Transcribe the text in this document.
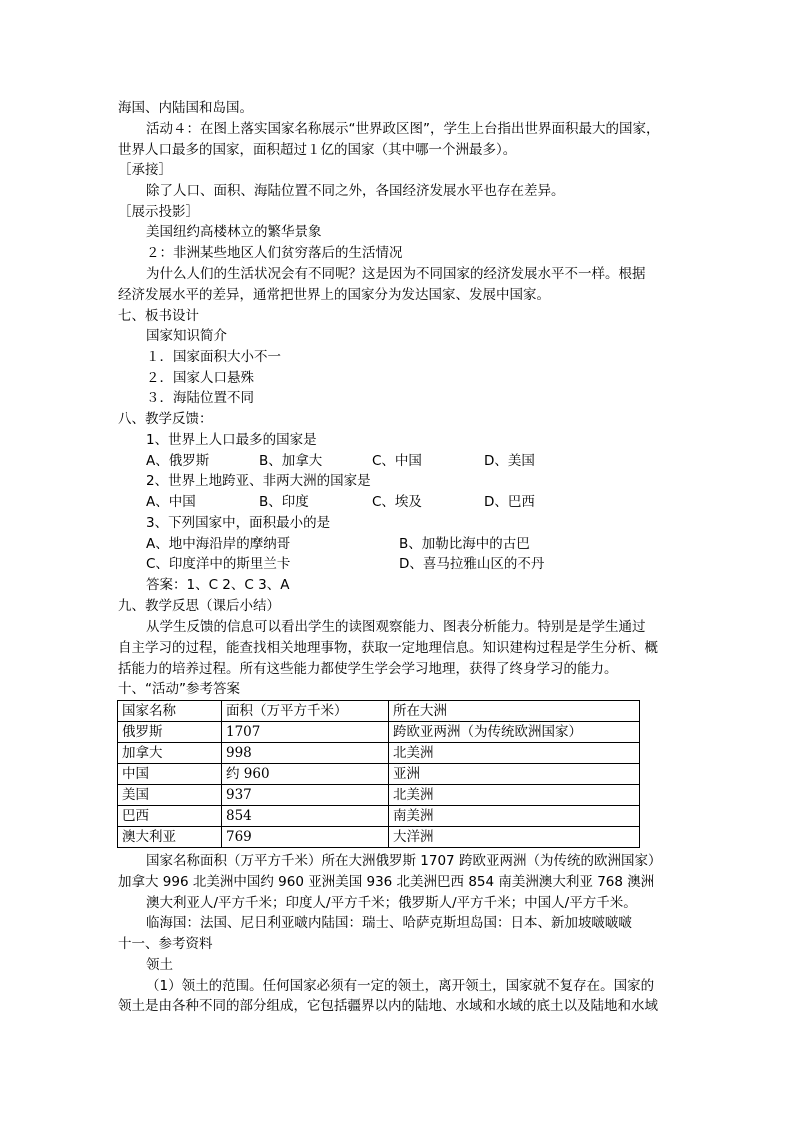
海国、内陆国和岛国。
活动４：在图上落实国家名称展示“世界政区图”，学生上台指出世界面积最大的国家，
世界人口最多的国家，面积超过１亿的国家（其中哪一个洲最多）。
［承接］
除了人口、面积、海陆位置不同之外，各国经济发展水平也存在差异。
［展示投影］
美国纽约高楼林立的繁华景象
２：非洲某些地区人们贫穷落后的生活情况
为什么人们的生活状况会有不同呢？这是因为不同国家的经济发展水平不一样。根据
经济发展水平的差异，通常把世界上的国家分为发达国家、发展中国家。
七、板书设计
国家知识简介
１．国家面积大小不一
２．国家人口悬殊
３．海陆位置不同
八、教学反馈：
1、世界上人口最多的国家是
A、俄罗斯	B、加拿大	C、中国	D、美国
2、世界上地跨亚、非两大洲的国家是
A、中国	B、印度	C、埃及	D、巴西
3、下列国家中，面积最小的是
A、地中海沿岸的摩纳哥	B、加勒比海中的古巴
C、印度洋中的斯里兰卡	D、喜马拉雅山区的不丹
答案：1、C 2、C 3、A
九、教学反思（课后小结）
从学生反馈的信息可以看出学生的读图观察能力、图表分析能力。特别是是学生通过
自主学习的过程，能查找相关地理事物，获取一定地理信息。知识建构过程是学生分析、概
括能力的培养过程。所有这些能力都使学生学会学习地理，获得了终身学习的能力。
十、“活动”参考答案
国家名称	面积（万平方千米）	所在大洲
俄罗斯	1707	跨欧亚两洲（为传统欧洲国家）
加拿大	998	北美洲
中国	约 960	亚洲
美国	937	北美洲
巴西	854	南美洲
澳大利亚	769	大洋洲
国家名称面积（万平方千米）所在大洲俄罗斯 1707 跨欧亚两洲（为传统的欧洲国家）
加拿大 996 北美洲中国约 960 亚洲美国 936 北美洲巴西 854 南美洲澳大利亚 768 澳洲
澳大利亚人/平方千米；印度人/平方千米；俄罗斯人/平方千米；中国人/平方千米。
临海国：法国、尼日利亚啵内陆国：瑞士、哈萨克斯坦岛国：日本、新加坡啵啵啵
十一、参考资料
领土
（1）领土的范围。任何国家必须有一定的领土，离开领土，国家就不复存在。国家的
领土是由各种不同的部分组成，它包括疆界以内的陆地、水域和水域的底土以及陆地和水域
